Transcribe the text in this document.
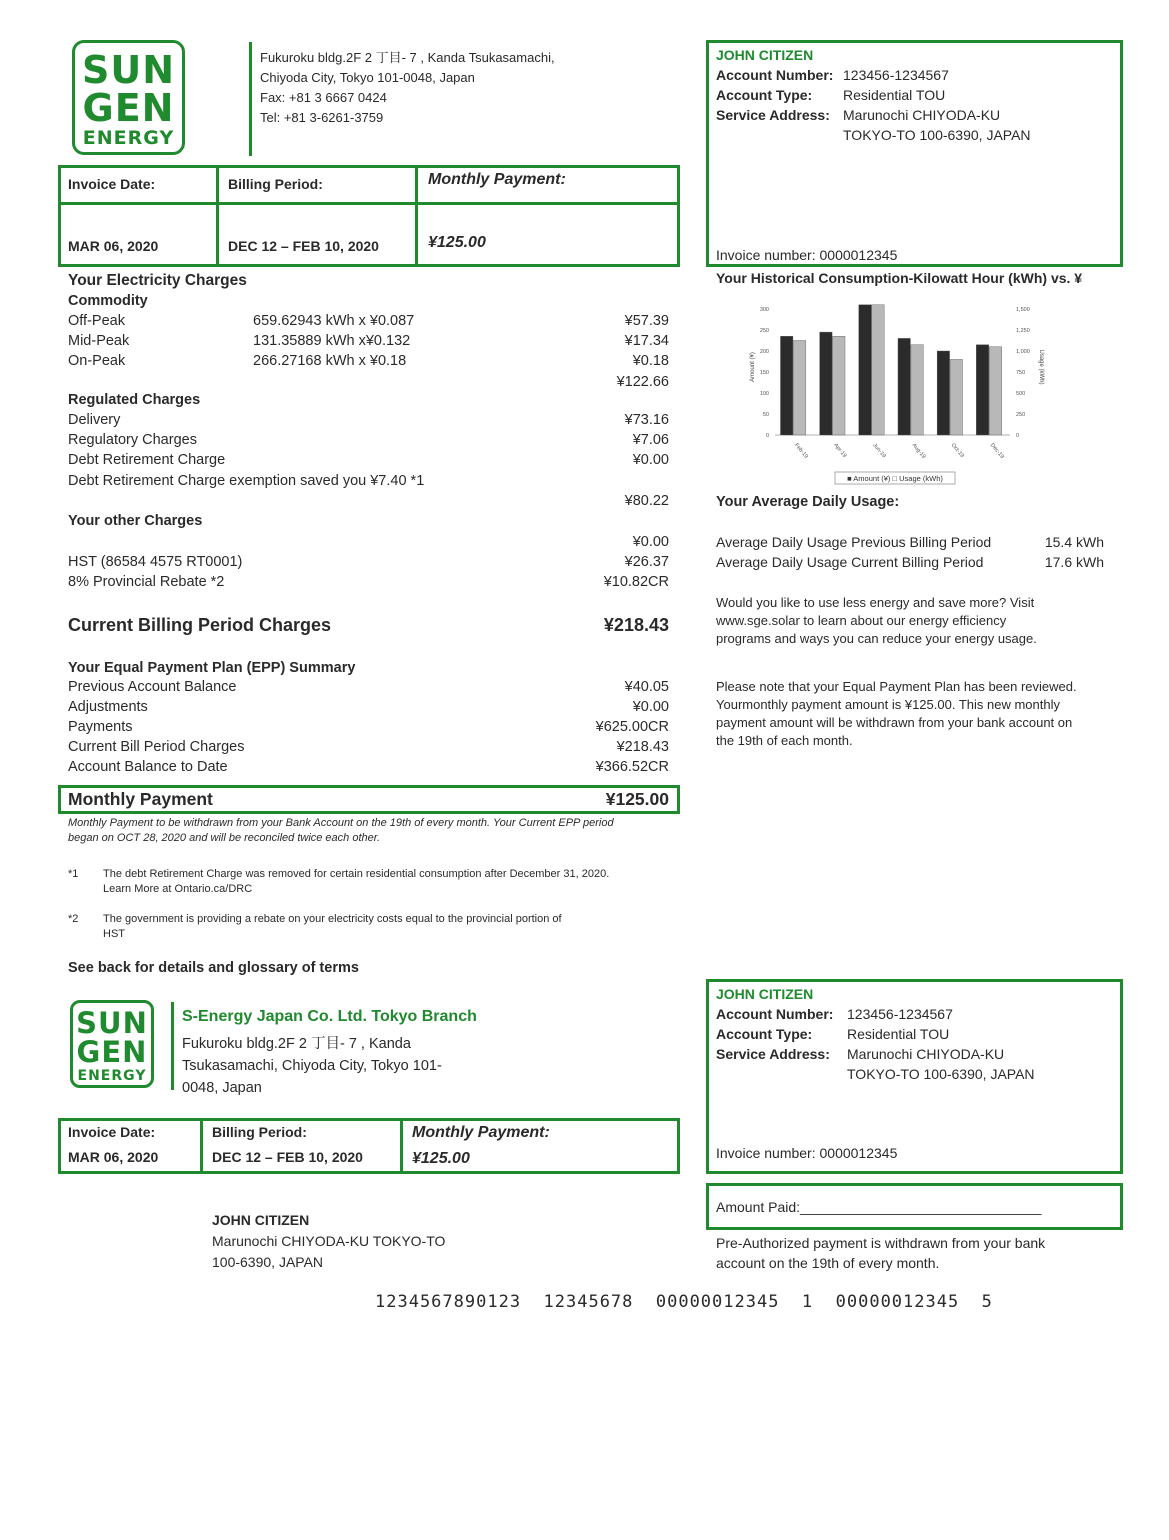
SUN
GEN
ENERGY
Fukuroku bldg.2F 2 丁目- 7 , Kanda Tsukasamachi,
Chiyoda City, Tokyo 101-0048, Japan
Fax: +81 3 6667 0424
Tel: +81 3-6261-3759
JOHN CITIZEN
Account Number: 123456-1234567
Account Type: Residential TOU
Service Address: Marunochi CHIYODA-KU
TOKYO-TO 100-6390, JAPAN
Invoice number: 0000012345
Invoice Date:	Billing Period:	Monthly Payment:
MAR 06, 2020	DEC 12 – FEB 10, 2020	¥125.00
Your Electricity Charges
Commodity
Off-Peak	659.62943 kWh x ¥0.087	¥57.39
Mid-Peak	131.35889 kWh x¥0.132	¥17.34
On-Peak	266.27168 kWh x ¥0.18	¥0.18
¥122.66
Regulated Charges
Delivery	¥73.16
Regulatory Charges	¥7.06
Debt Retirement Charge	¥0.00
Debt Retirement Charge exemption saved you ¥7.40 *1
¥80.22
Your other Charges
¥0.00
HST (86584 4575 RT0001)	¥26.37
8% Provincial Rebate *2	¥10.82CR
Current Billing Period Charges	¥218.43
Your Equal Payment Plan (EPP) Summary
Previous Account Balance	¥40.05
Adjustments	¥0.00
Payments	¥625.00CR
Current Bill Period Charges	¥218.43
Account Balance to Date	¥366.52CR
Monthly Payment	¥125.00
Monthly Payment to be withdrawn from your Bank Account on the 19th of every month. Your Current EPP period
began on OCT 28, 2020 and will be reconciled twice each other.
*1 The debt Retirement Charge was removed for certain residential consumption after December 31, 2020.
Learn More at Ontario.ca/DRC
*2 The government is providing a rebate on your electricity costs equal to the provincial portion of
HST
See back for details and glossary of terms
Your Historical Consumption-Kilowatt Hour (kWh) vs. ¥
300
250
200
150
100
50
0
1,500
1,250
1,000
750
500
250
0
Feb-19	Apr-19	Jun-19	Aug-19	Oct-19	Dec-19
Amount (¥)	Usage (kWh)
■ Amount (¥) □ Usage (kWh)
Your Average Daily Usage:
Average Daily Usage Previous Billing Period	15.4 kWh
Average Daily Usage Current Billing Period	17.6 kWh
Would you like to use less energy and save more? Visit
www.sge.solar to learn about our energy efficiency
programs and ways you can reduce your energy usage.
Please note that your Equal Payment Plan has been reviewed.
Yourmonthly payment amount is ¥125.00. This new monthly
payment amount will be withdrawn from your bank account on
the 19th of each month.
SUN
GEN
ENERGY
S-Energy Japan Co. Ltd. Tokyo Branch
Fukuroku bldg.2F 2 丁目- 7 , Kanda
Tsukasamachi, Chiyoda City, Tokyo 101-
0048, Japan
JOHN CITIZEN
Account Number: 123456-1234567
Account Type: Residential TOU
Service Address: Marunochi CHIYODA-KU
TOKYO-TO 100-6390, JAPAN
Invoice number: 0000012345
Invoice Date:
MAR 06, 2020
Billing Period:
DEC 12 – FEB 10, 2020
Monthly Payment:
¥125.00
JOHN CITIZEN
Marunochi CHIYODA-KU TOKYO-TO
100-6390, JAPAN
Amount Paid:_______________________________
Pre-Authorized payment is withdrawn from your bank
account on the 19th of every month.
1234567890123  12345678  00000012345  1  00000012345  5
